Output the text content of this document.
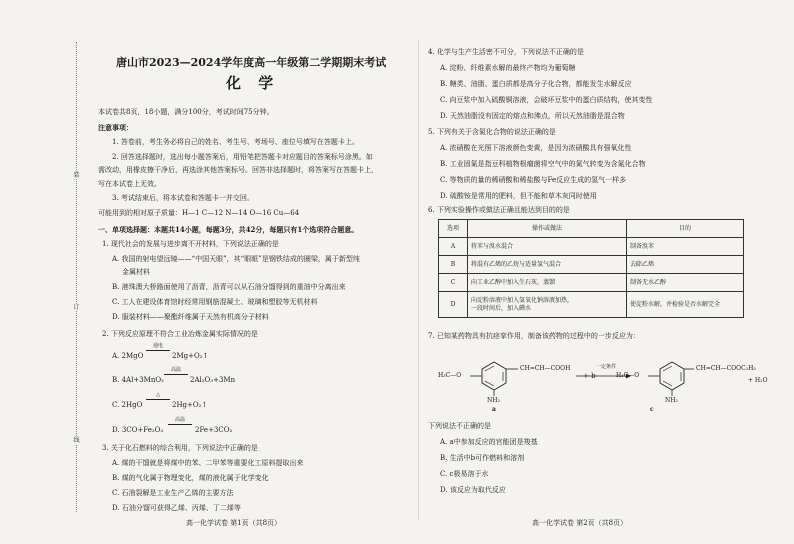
装
订
线
唐山市2023—2024学年度高一年级第二学期期末考试
化 学
本试卷共8页，18小题，满分100分，考试时间75分钟。
注意事项：
1. 答卷前，考生务必将自己的姓名、考生号、考场号、座位号填写在答题卡上。
2. 回答选择题时，选出每小题答案后，用铅笔把答题卡对应题目的答案标号涂黑。如
需改动，用橡皮擦干净后，再选涂其他答案标号。回答非选择题时，将答案写在答题卡上，
写在本试卷上无效。
3. 考试结束后，将本试卷和答题卡一并交回。
可能用到的相对原子质量：H—1 C—12 N—14 O—16 Cu—64
一、单项选择题：本题共14小题，每题3分，共42分，每题只有1个选项符合题意。
1. 现代社会的发展与进步离不开材料，下列说法正确的是
A. 我国的射电望远镜——“中国天眼”，其“眼眶”是钢铁结成的圈梁，属于新型纯
金属材料
B. 港珠澳大桥路面使用了沥青，沥青可以从石油分馏得到的重油中分离出来
C. 工人在建设体育馆时经常用钢筋混凝土、玻璃和塑胶等无机材料
D. 服装材料——聚酯纤维属于天然有机高分子材料
2. 下列反应原理不符合工业冶炼金属实际情况的是
A. 2MgO
通电
2Mg+O₂↑
B. 4Al+3MnO₂
高温
2Al₂O₃+3Mn
C. 2HgO
△
2Hg+O₂↑
D. 3CO+Fe₂O₃
高温
2Fe+3CO₂
3. 关于化石燃料的综合利用，下列说法中正确的是
A. 煤的干馏就是将煤中的苯、二甲苯等重要化工原料提取出来
B. 煤的气化属于物理变化，煤的液化属于化学变化
C. 石油裂解是工业生产乙烯的主要方法
D. 石油分馏可获得乙烯、丙烯、丁二烯等
高一化学试卷 第1页（共8页）
4. 化学与生产生活密不可分，下列说法不正确的是
A. 淀粉、纤维素水解的最终产物均为葡萄糖
B. 糖类、油脂、蛋白质都是高分子化合物，都能发生水解反应
C. 向豆浆中加入硫酸铜溶液，会破坏豆浆中的蛋白质结构，使其变性
D. 天然油脂没有固定的熔点和沸点，所以天然油脂是混合物
5. 下列有关于含氮化合物的说法正确的是
A. 浓硝酸在光照下溶液颜色变黄，是因为浓硝酸具有强氧化性
B. 工业固氮是指豆科植物根瘤菌将空气中的氮气转变为含氮化合物
C. 等物质的量的稀硝酸和稀盐酸与Fe反应生成的氢气一样多
D. 硫酸铵是常用的肥料，但不能和草木灰同时使用
6. 下列实验操作或做法正确且能达到目的的是
选项	操作或做法	目的
A	将苯与溴水混合	制备溴苯
B	将混有乙烯的乙烷与适量氢气混合	去除乙烯
C	向工业乙醇中加入生石灰，蒸馏	制备无水乙醇
D	向淀粉溶液中加入氢氧化钠溶液加热，
一段时间后，加入碘水	使淀粉水解，并检验是否水解完全
7. 已知某药物具有抗痉挛作用，制备该药物的过程中的一步反应为：
H₃C—O
CH=CH—COOH
NH₂
a
+ b
一定条件
H₃C—O
CH=CH—COOC₂H₅
NH₂
c
+ H₂O
下列说法不正确的是
A. a中参加反应的官能团是羧基
B. 生活中b可作燃料和溶剂
C. c极易溶于水
D. 该反应为取代反应
高一化学试卷 第2页（共8页）
